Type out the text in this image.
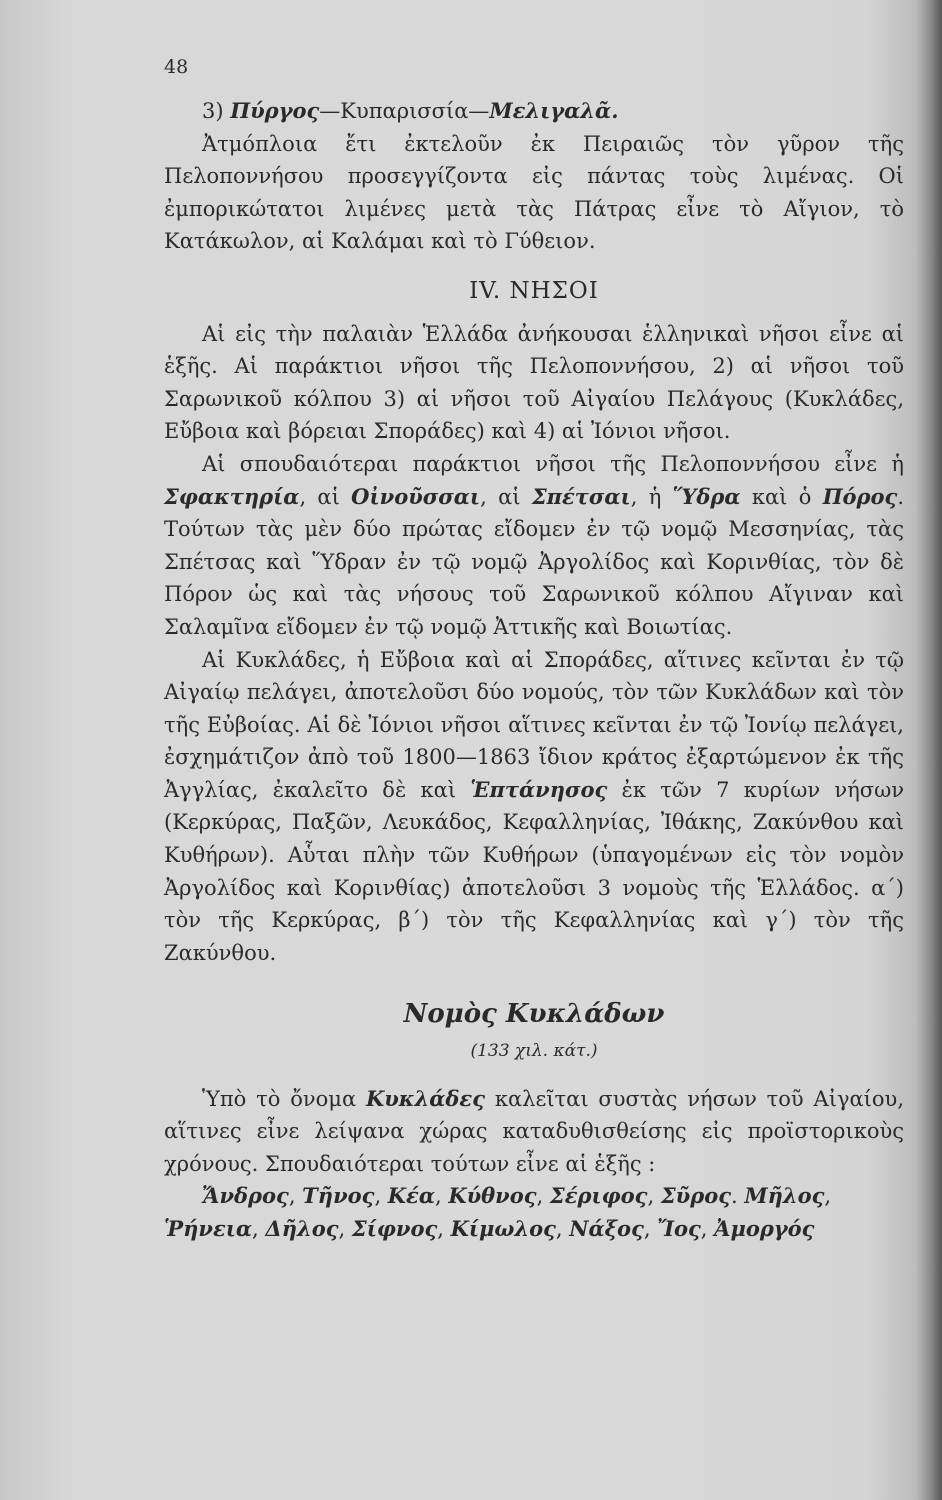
48

3) Πύργος—Κυπαρισσία—Μελιγαλᾶ.

Ἀτμόπλοια ἔτι ἐκτελοῦν ἐκ Πειραιῶς τὸν γῦρον τῆς Πελοποννήσου προσεγγίζοντα εἰς πάντας τοὺς λιμένας. Οἱ ἐμπορικώτατοι λιμένες μετὰ τὰς Πάτρας εἶνε τὸ Αἴγιον, τὸ Κατάκωλον, αἱ Καλάμαι καὶ τὸ Γύθειον.

IV. ΝΗΣΟΙ

Αἱ εἰς τὴν παλαιὰν Ἑλλάδα ἀνήκουσαι ἑλληνικαὶ νῆσοι εἶνε αἱ ἑξῆς. Αἱ παράκτιοι νῆσοι τῆς Πελοποννήσου, 2) αἱ νῆσοι τοῦ Σαρωνικοῦ κόλπου 3) αἱ νῆσοι τοῦ Αἰγαίου Πελάγους (Κυκλάδες, Εὔβοια καὶ βόρειαι Σποράδες) καὶ 4) αἱ Ἰόνιοι νῆσοι.

Αἱ σπουδαιότεραι παράκτιοι νῆσοι τῆς Πελοποννήσου εἶνε ἡ Σφακτηρία, αἱ Οἰνοῦσσαι, αἱ Σπέτσαι, ἡ Ὕδρα καὶ ὁ Πόρος. Τούτων τὰς μὲν δύο πρώτας εἴδομεν ἐν τῷ νομῷ Μεσσηνίας, τὰς Σπέτσας καὶ Ὕδραν ἐν τῷ νομῷ Ἀργολίδος καὶ Κορινθίας, τὸν δὲ Πόρον ὡς καὶ τὰς νήσους τοῦ Σαρωνικοῦ κόλπου Αἴγιναν καὶ Σαλαμῖνα εἴδομεν ἐν τῷ νομῷ Ἀττικῆς καὶ Βοιωτίας.

Αἱ Κυκλάδες, ἡ Εὔβοια καὶ αἱ Σποράδες, αἵτινες κεῖνται ἐν τῷ Αἰγαίῳ πελάγει, ἀποτελοῦσι δύο νομούς, τὸν τῶν Κυκλάδων καὶ τὸν τῆς Εὐβοίας. Αἱ δὲ Ἰόνιοι νῆσοι αἵτινες κεῖνται ἐν τῷ Ἰονίῳ πελάγει, ἐσχημάτιζον ἀπὸ τοῦ 1800—1863 ἴδιον κράτος ἐξαρτώμενον ἐκ τῆς Ἀγγλίας, ἐκαλεῖτο δὲ καὶ Ἑπτάνησος ἐκ τῶν 7 κυρίων νήσων (Κερκύρας, Παξῶν, Λευκάδος, Κεφαλληνίας, Ἰθάκης, Ζακύνθου καὶ Κυθήρων). Αὗται πλὴν τῶν Κυθήρων (ὑπαγομένων εἰς τὸν νομὸν Ἀργολίδος καὶ Κορινθίας) ἀποτελοῦσι 3 νομοὺς τῆς Ἑλλάδος. α΄) τὸν τῆς Κερκύρας, β΄) τὸν τῆς Κεφαλληνίας καὶ γ΄) τὸν τῆς Ζακύνθου.

Νομὸς Κυκλάδων
(133 χιλ. κάτ.)

Ὑπὸ τὸ ὄνομα Κυκλάδες καλεῖται συστὰς νήσων τοῦ Αἰγαίου, αἵτινες εἶνε λείψανα χώρας καταδυθισθείσης εἰς προϊστορικοὺς χρόνους. Σπουδαιότεραι τούτων εἶνε αἱ ἑξῆς :

Ἄνδρος, Τῆνος, Κέα, Κύθνος, Σέριφος, Σῦρος. Μῆλος,

Ῥήνεια, Δῆλος, Σίφνος, Κίμωλος, Νάξος, Ἴος, Ἀμοργός
